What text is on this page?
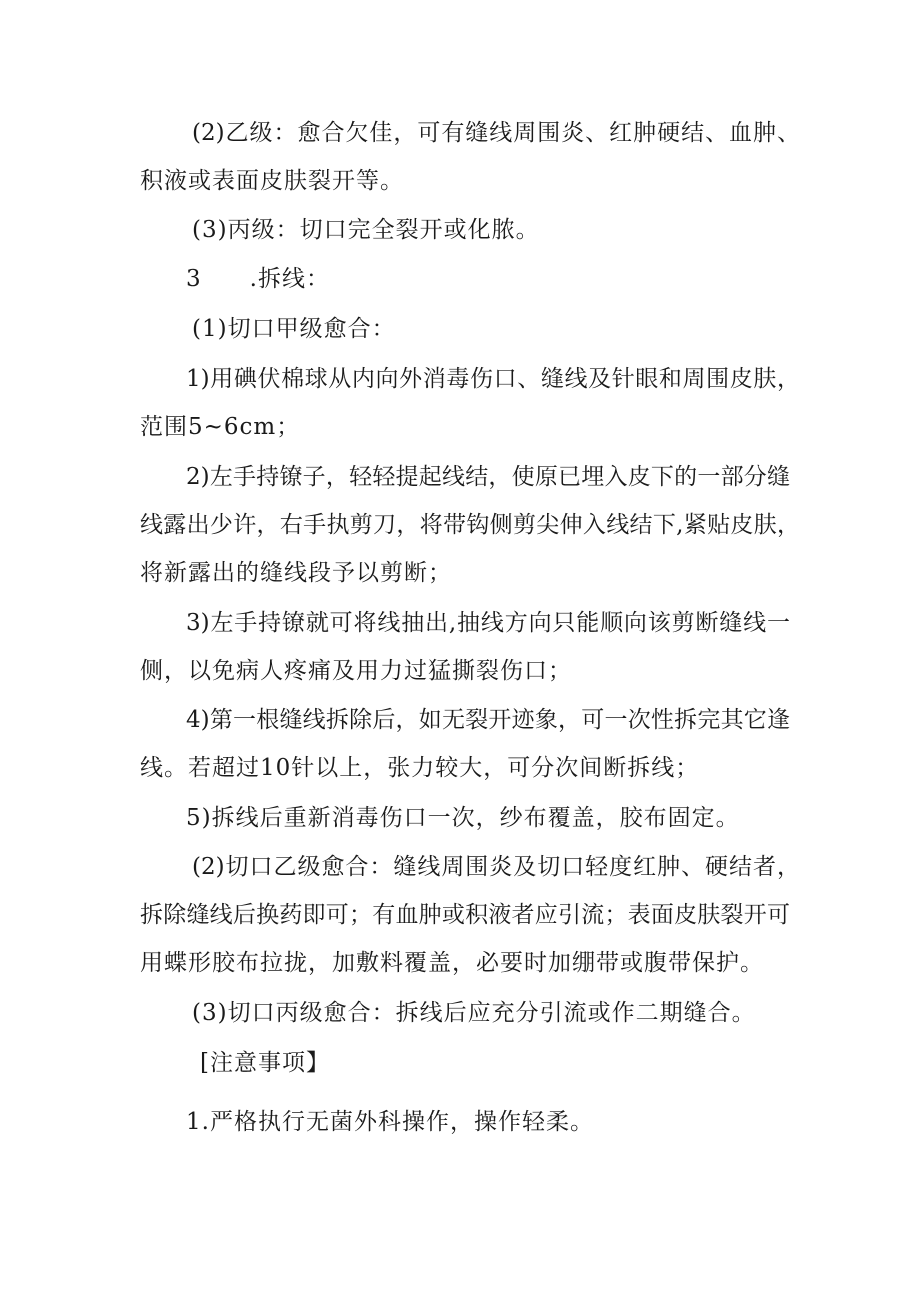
(2)乙级：愈合欠佳，可有缝线周围炎、红肿硬结、血肿、
积液或表面皮肤裂开等。
(3)丙级：切口完全裂开或化脓。
3　　.拆线：
(1)切口甲级愈合：
1)用碘伏棉球从内向外消毒伤口、缝线及针眼和周围皮肤，
范围5~6cm；
2)左手持镣子，轻轻提起线结，使原已埋入皮下的一部分缝
线露出少许，右手执剪刀，将带钩侧剪尖伸入线结下,紧贴皮肤，
将新露出的缝线段予以剪断；
3)左手持镣就可将线抽出,抽线方向只能顺向该剪断缝线一
侧，以免病人疼痛及用力过猛撕裂伤口；
4)第一根缝线拆除后，如无裂开迹象，可一次性拆完其它逢
线。若超过10针以上，张力较大，可分次间断拆线；
5)拆线后重新消毒伤口一次，纱布覆盖，胶布固定。
(2)切口乙级愈合：缝线周围炎及切口轻度红肿、硬结者，
拆除缝线后换药即可；有血肿或积液者应引流；表面皮肤裂开可
用蝶形胶布拉拢，加敷料覆盖，必要时加绷带或腹带保护。
(3)切口丙级愈合：拆线后应充分引流或作二期缝合。
[注意事项】
1.严格执行无菌外科操作，操作轻柔。
